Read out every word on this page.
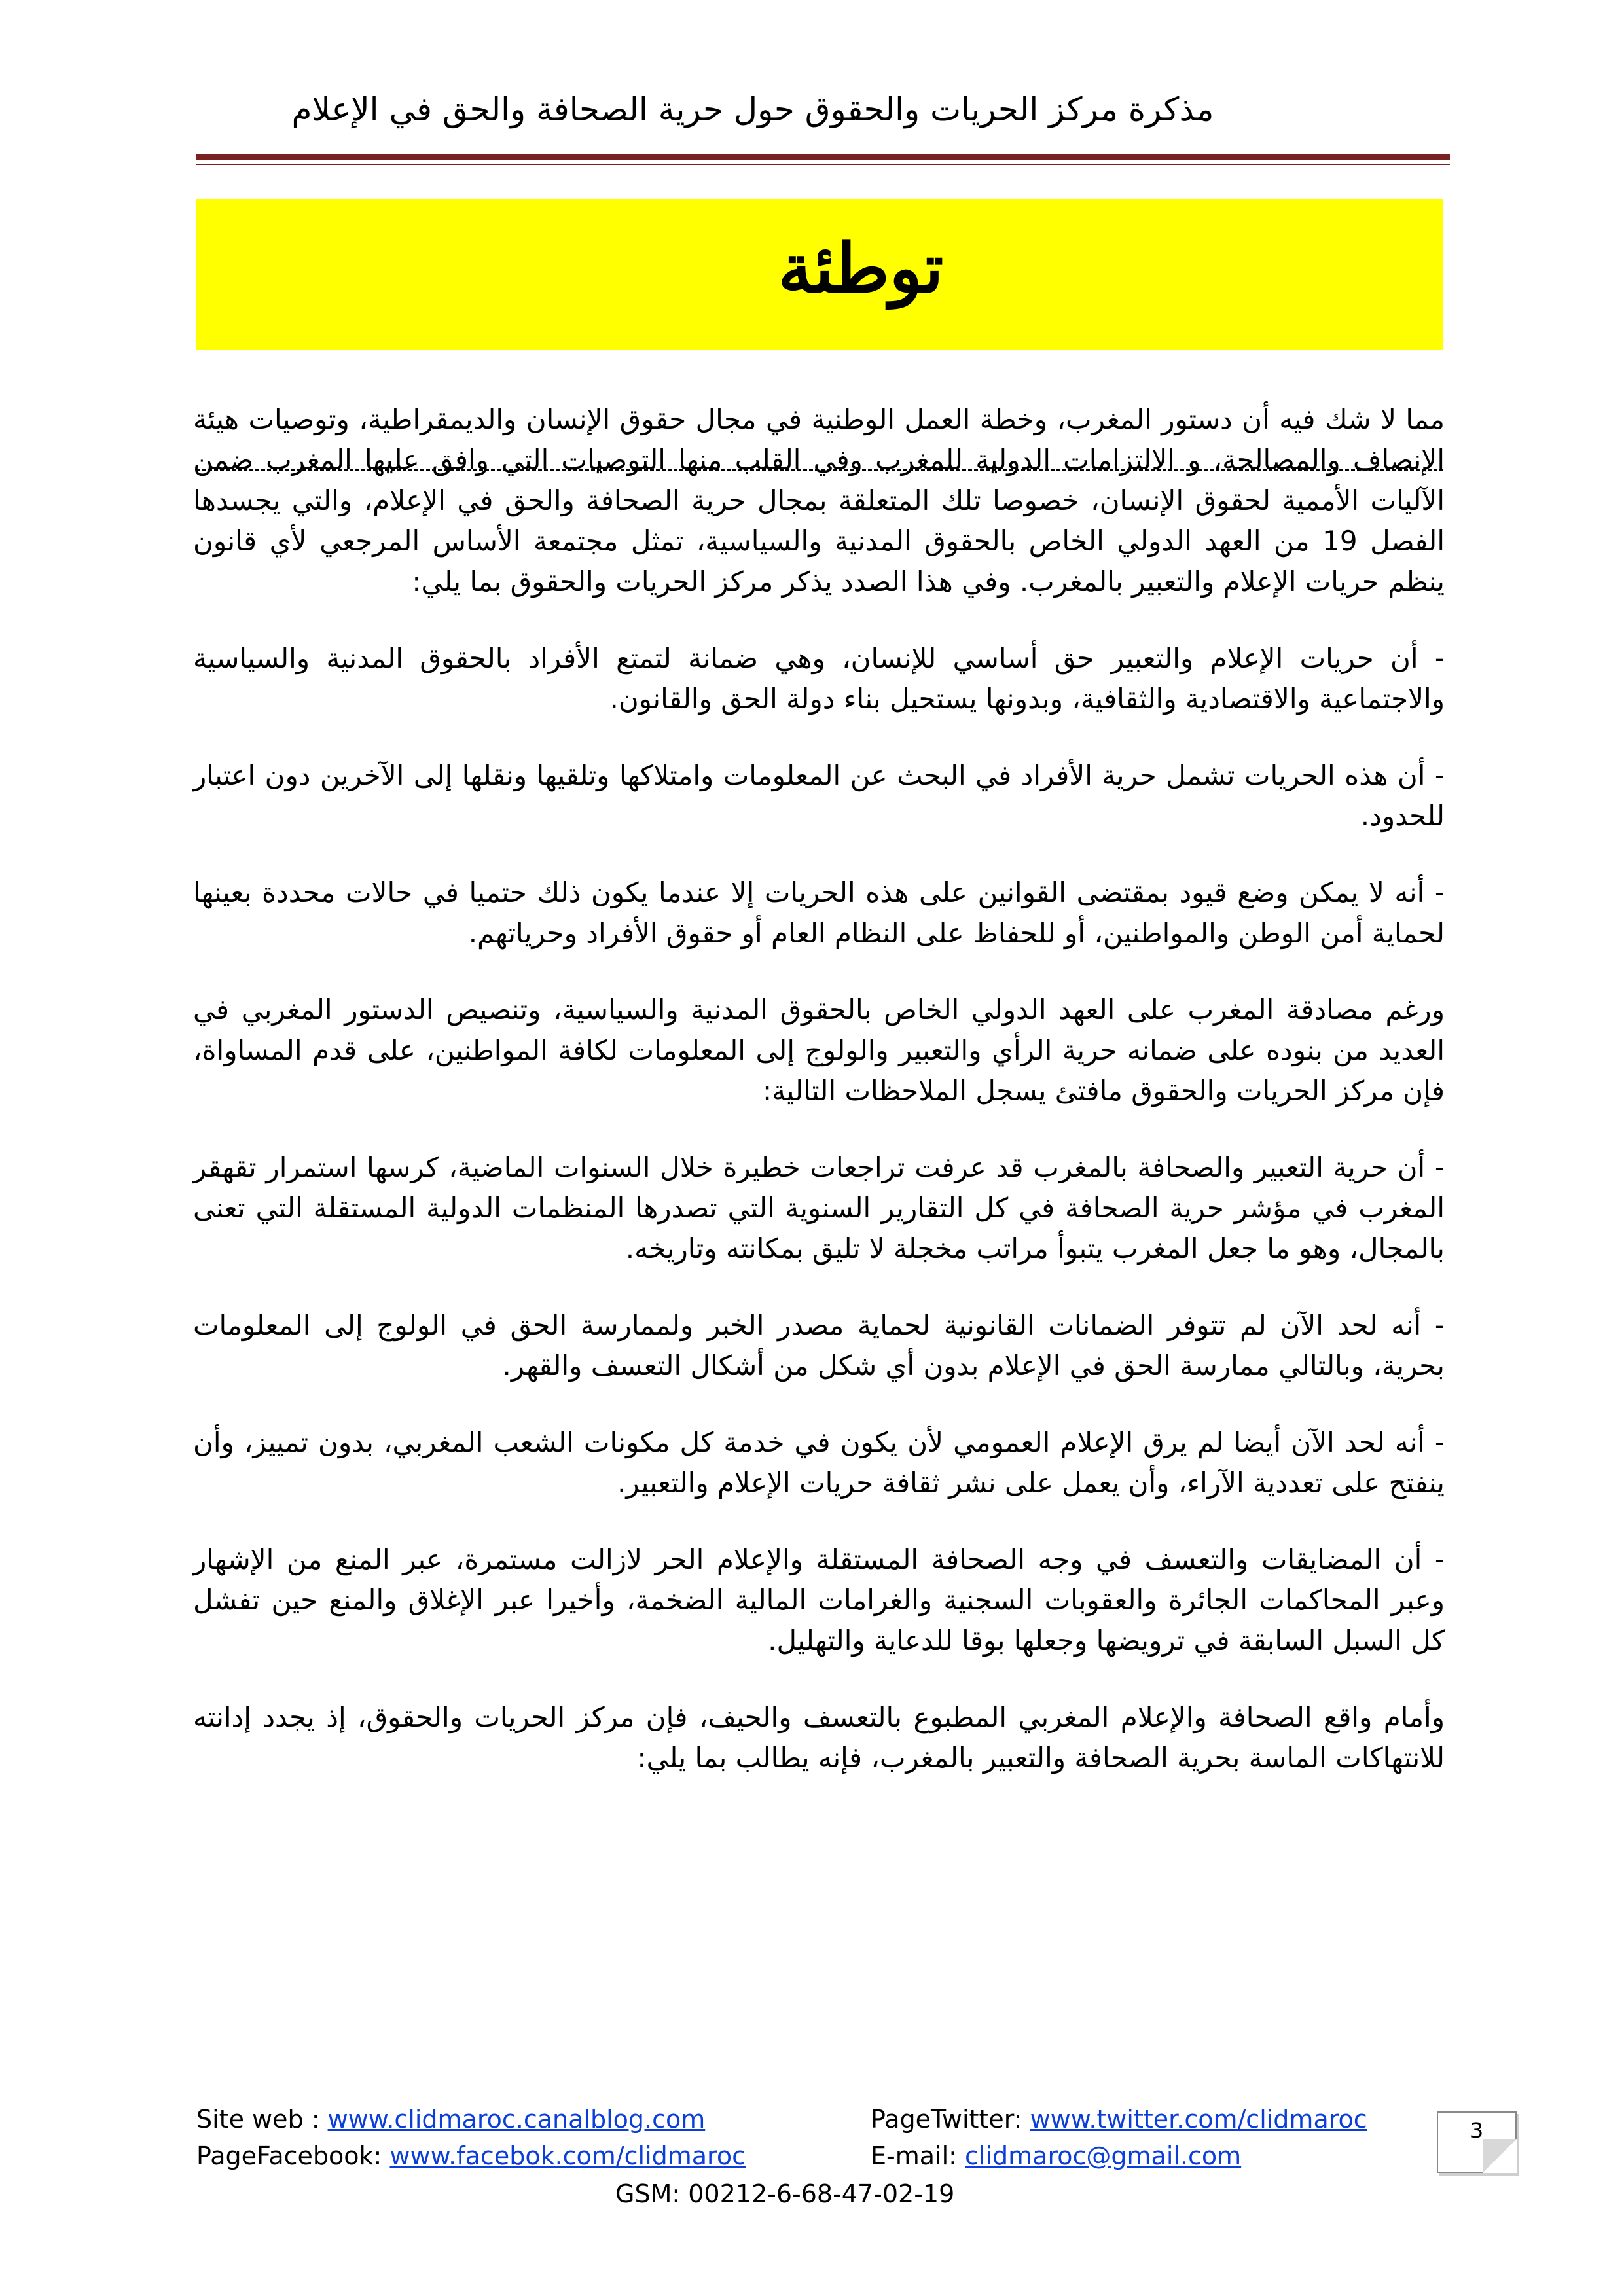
مذكرة مركز الحريات والحقوق حول حرية الصحافة والحق في الإعلام
توطئة

مما لا شك فيه أن دستور المغرب، وخطة العمل الوطنية في مجال حقوق الإنسان والديمقراطية، وتوصيات هيئة الإنصاف والمصالحة، و الالتزامات الدولية للمغرب وفي القلب منها التوصيات التي وافق عليها المغرب ضمن الآليات الأممية لحقوق الإنسان، خصوصا تلك المتعلقة بمجال حرية الصحافة والحق في الإعلام، والتي يجسدها الفصل 19 من العهد الدولي الخاص بالحقوق المدنية والسياسية، تمثل مجتمعة الأساس المرجعي لأي قانون ينظم حريات الإعلام والتعبير بالمغرب. وفي هذا الصدد يذكر مركز الحريات والحقوق بما يلي:

- أن حريات الإعلام والتعبير حق أساسي للإنسان، وهي ضمانة لتمتع الأفراد بالحقوق المدنية والسياسية والاجتماعية والاقتصادية والثقافية، وبدونها يستحيل بناء دولة الحق والقانون.

- أن هذه الحريات تشمل حرية الأفراد في البحث عن المعلومات وامتلاكها وتلقيها ونقلها إلى الآخرين دون اعتبار للحدود.

- أنه لا يمكن وضع قيود بمقتضى القوانين على هذه الحريات إلا عندما يكون ذلك حتميا في حالات محددة بعينها لحماية أمن الوطن والمواطنين، أو للحفاظ على النظام العام أو حقوق الأفراد وحرياتهم.

ورغم مصادقة المغرب على العهد الدولي الخاص بالحقوق المدنية والسياسية، وتنصيص الدستور المغربي في العديد من بنوده على ضمانه حرية الرأي والتعبير والولوج إلى المعلومات لكافة المواطنين، على قدم المساواة، فإن مركز الحريات والحقوق مافتئ يسجل الملاحظات التالية:

- أن حرية التعبير والصحافة بالمغرب قد عرفت تراجعات خطيرة خلال السنوات الماضية، كرسها استمرار تقهقر المغرب في مؤشر حرية الصحافة في كل التقارير السنوية التي تصدرها المنظمات الدولية المستقلة التي تعنى بالمجال، وهو ما جعل المغرب يتبوأ مراتب مخجلة لا تليق بمكانته وتاريخه.

- أنه لحد الآن لم تتوفر الضمانات القانونية لحماية مصدر الخبر ولممارسة الحق في الولوج إلى المعلومات بحرية، وبالتالي ممارسة الحق في الإعلام بدون أي شكل من أشكال التعسف والقهر.

- أنه لحد الآن أيضا لم يرق الإعلام العمومي لأن يكون في خدمة كل مكونات الشعب المغربي، بدون تمييز، وأن ينفتح على تعددية الآراء، وأن يعمل على نشر ثقافة حريات الإعلام والتعبير.

- أن المضايقات والتعسف في وجه الصحافة المستقلة والإعلام الحر لازالت مستمرة، عبر المنع من الإشهار وعبر المحاكمات الجائرة والعقوبات السجنية والغرامات المالية الضخمة، وأخيرا عبر الإغلاق والمنع حين تفشل كل السبل السابقة في ترويضها وجعلها بوقا للدعاية والتهليل.

وأمام واقع الصحافة والإعلام المغربي المطبوع بالتعسف والحيف، فإن مركز الحريات والحقوق، إذ يجدد إدانته للانتهاكات الماسة بحرية الصحافة والتعبير بالمغرب، فإنه يطالب بما يلي:

Site web : www.clidmaroc.canalblog.com
PageFacebook: www.facebok.com/clidmaroc
PageTwitter: www.twitter.com/clidmaroc
E-mail: clidmaroc@gmail.com
GSM: 00212-6-68-47-02-19
3
